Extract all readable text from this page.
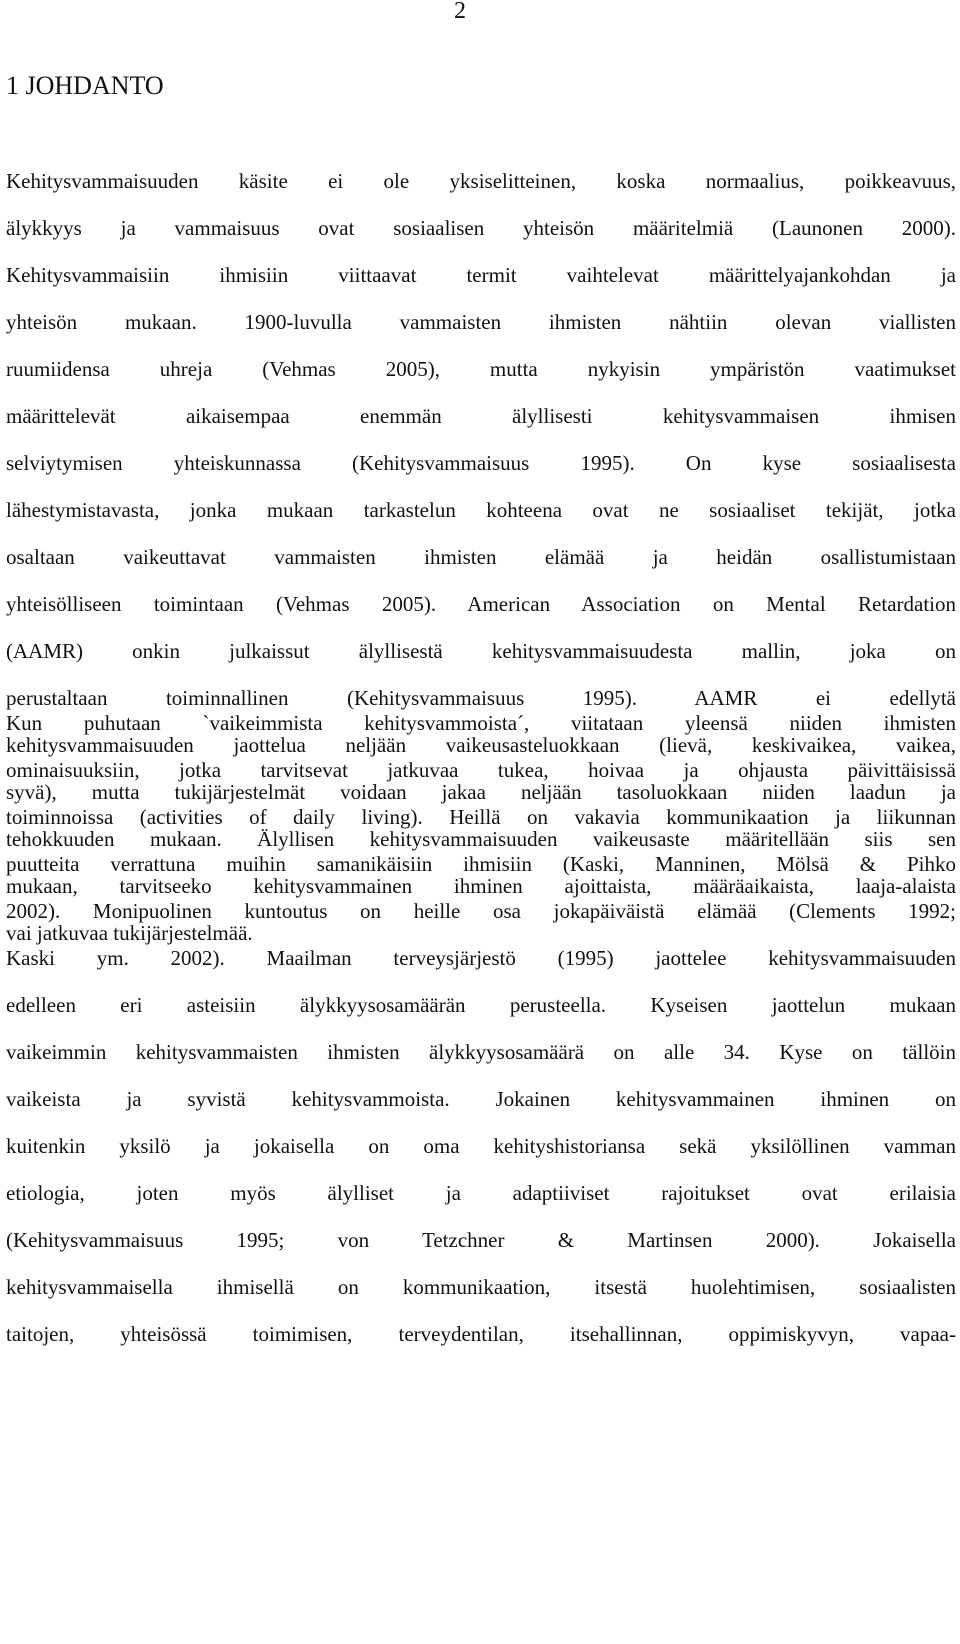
2
1 JOHDANTO

Kehitysvammaisuuden käsite ei ole yksiselitteinen, koska normaalius, poikkeavuus,
älykkyys ja vammaisuus ovat sosiaalisen yhteisön määritelmiä (Launonen 2000).
Kehitysvammaisiin ihmisiin viittaavat termit vaihtelevat määrittelyajankohdan ja
yhteisön mukaan. 1900-luvulla vammaisten ihmisten nähtiin olevan viallisten
ruumiidensa uhreja (Vehmas 2005), mutta nykyisin ympäristön vaatimukset
määrittelevät aikaisempaa enemmän älyllisesti kehitysvammaisen ihmisen
selviytymisen yhteiskunnassa (Kehitysvammaisuus 1995). On kyse sosiaalisesta
lähestymistavasta, jonka mukaan tarkastelun kohteena ovat ne sosiaaliset tekijät, jotka
osaltaan vaikeuttavat vammaisten ihmisten elämää ja heidän osallistumistaan
yhteisölliseen toimintaan (Vehmas 2005). American Association on Mental Retardation
(AAMR) onkin julkaissut älyllisestä kehitysvammaisuudesta mallin, joka on
perustaltaan toiminnallinen (Kehitysvammaisuus 1995). AAMR ei edellytä
kehitysvammaisuuden jaottelua neljään vaikeusasteluokkaan (lievä, keskivaikea, vaikea,
syvä), mutta tukijärjestelmät voidaan jakaa neljään tasoluokkaan niiden laadun ja
tehokkuuden mukaan. Älyllisen kehitysvammaisuuden vaikeusaste määritellään siis sen
mukaan, tarvitseeko kehitysvammainen ihminen ajoittaista, määräaikaista, laaja-alaista
vai jatkuvaa tukijärjestelmää.

Kun puhutaan `vaikeimmista kehitysvammoista´, viitataan yleensä niiden ihmisten
ominaisuuksiin, jotka tarvitsevat jatkuvaa tukea, hoivaa ja ohjausta päivittäisissä
toiminnoissa (activities of daily living). Heillä on vakavia kommunikaation ja liikunnan
puutteita verrattuna muihin samanikäisiin ihmisiin (Kaski, Manninen, Mölsä & Pihko
2002). Monipuolinen kuntoutus on heille osa jokapäiväistä elämää (Clements 1992;
Kaski ym. 2002). Maailman terveysjärjestö (1995) jaottelee kehitysvammaisuuden
edelleen eri asteisiin älykkyysosamäärän perusteella. Kyseisen jaottelun mukaan
vaikeimmin kehitysvammaisten ihmisten älykkyysosamäärä on alle 34. Kyse on tällöin
vaikeista ja syvistä kehitysvammoista. Jokainen kehitysvammainen ihminen on
kuitenkin yksilö ja jokaisella on oma kehityshistoriansa sekä yksilöllinen vamman
etiologia, joten myös älylliset ja adaptiiviset rajoitukset ovat erilaisia
(Kehitysvammaisuus 1995; von Tetzchner & Martinsen 2000). Jokaisella
kehitysvammaisella ihmisellä on kommunikaation, itsestä huolehtimisen, sosiaalisten
taitojen, yhteisössä toimimisen, terveydentilan, itsehallinnan, oppimiskyvyn, vapaa-
